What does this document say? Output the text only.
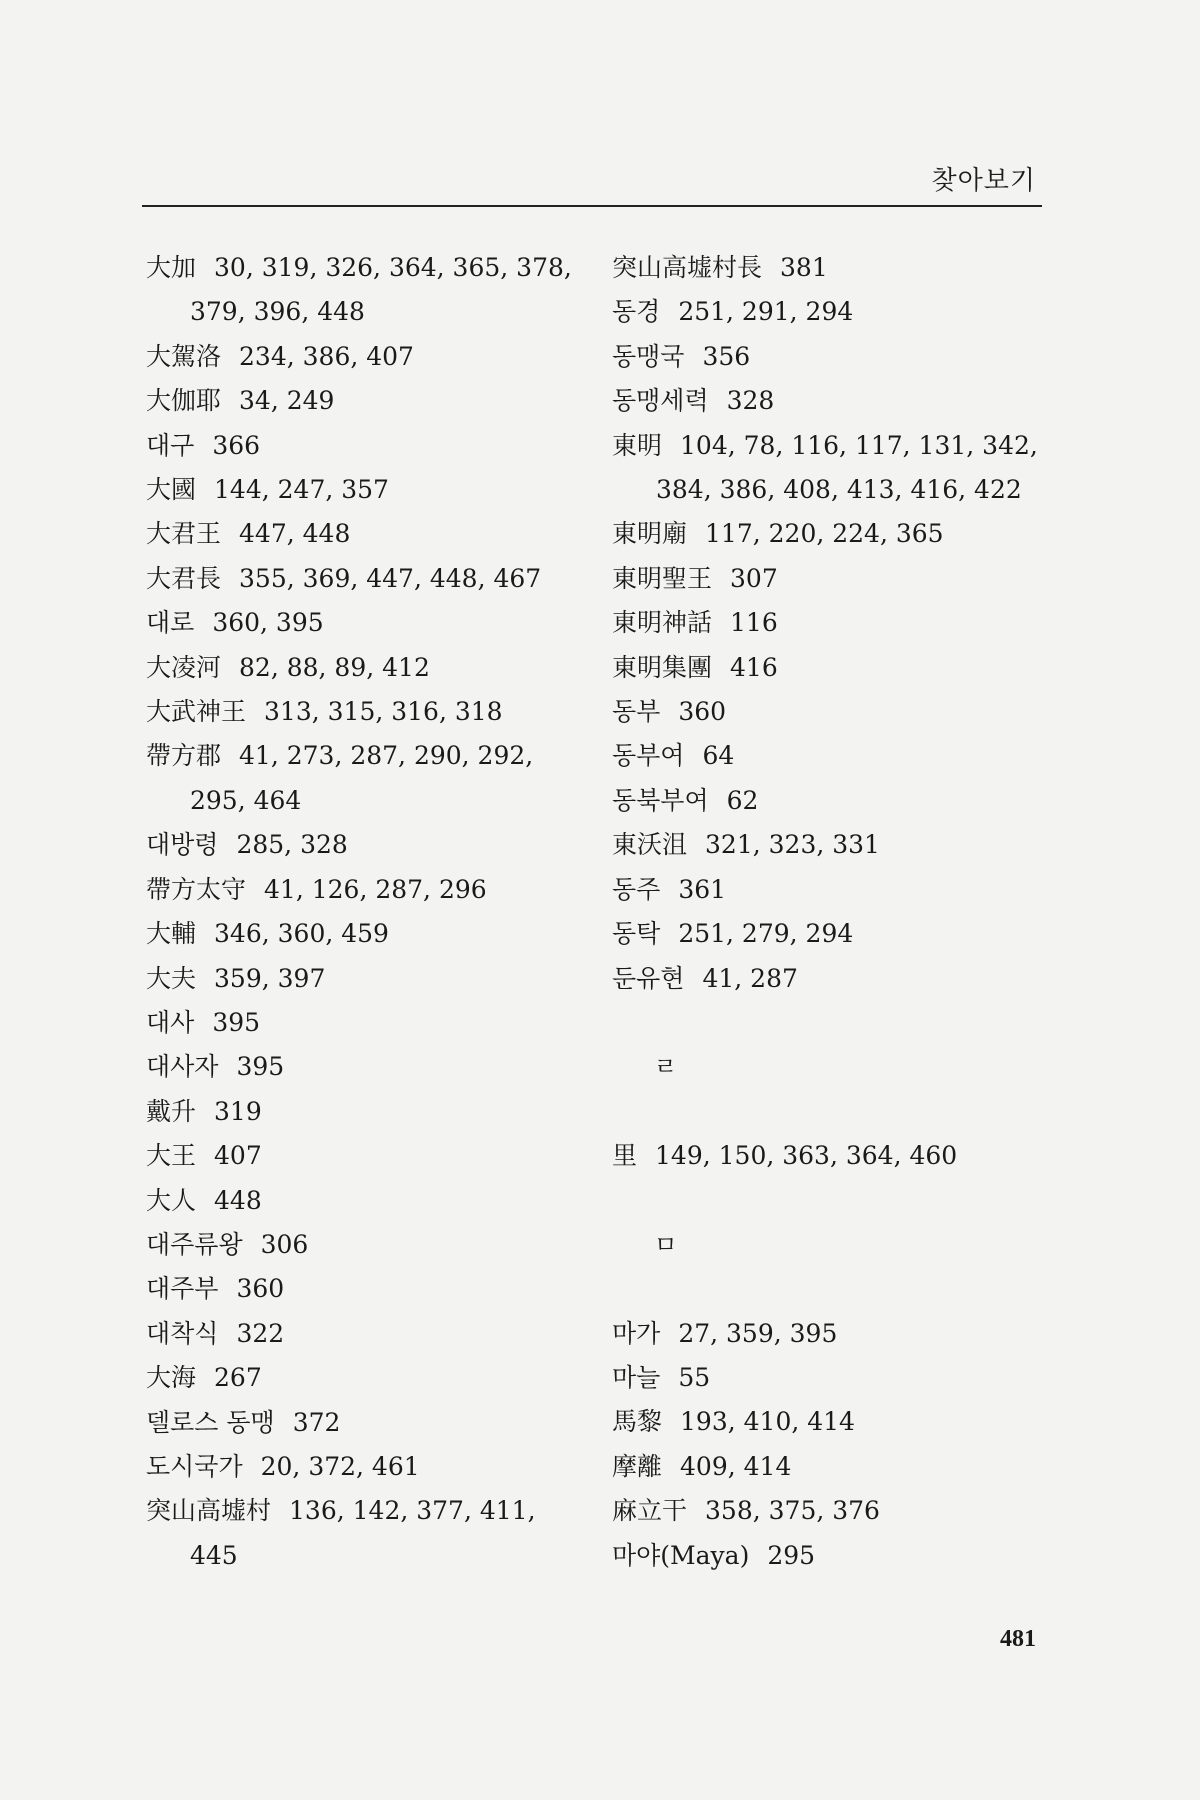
찾아보기
大加 30, 319, 326, 364, 365, 378, 379, 396, 448
大駕洛 234, 386, 407
大伽耶 34, 249
대구 366
大國 144, 247, 357
大君王 447, 448
大君長 355, 369, 447, 448, 467
대로 360, 395
大凌河 82, 88, 89, 412
大武神王 313, 315, 316, 318
帶方郡 41, 273, 287, 290, 292, 295, 464
대방령 285, 328
帶方太守 41, 126, 287, 296
大輔 346, 360, 459
大夫 359, 397
대사 395
대사자 395
戴升 319
大王 407
大人 448
대주류왕 306
대주부 360
대착식 322
大海 267
델로스 동맹 372
도시국가 20, 372, 461
突山高墟村 136, 142, 377, 411, 445
突山高墟村長 381
동경 251, 291, 294
동맹국 356
동맹세력 328
東明 104, 78, 116, 117, 131, 342, 384, 386, 408, 413, 416, 422
東明廟 117, 220, 224, 365
東明聖王 307
東明神話 116
東明集團 416
동부 360
동부여 64
동북부여 62
東沃沮 321, 323, 331
동주 361
동탁 251, 279, 294
둔유현 41, 287
ㄹ
里 149, 150, 363, 364, 460
ㅁ
마가 27, 359, 395
마늘 55
馬黎 193, 410, 414
摩離 409, 414
麻立干 358, 375, 376
마야(Maya) 295
481
